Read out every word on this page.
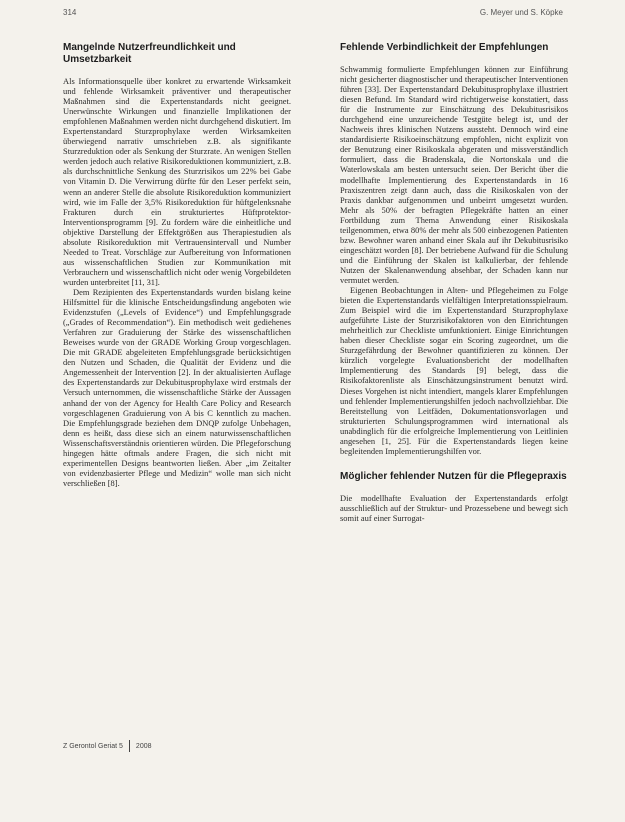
314	G. Meyer und S. Köpke
Mangelnde Nutzerfreundlichkeit und Umsetzbarkeit

Als Informationsquelle über konkret zu erwartende Wirksamkeit und fehlende Wirksamkeit präventiver und therapeutischer Maßnahmen sind die Expertenstandards nicht geeignet. Unerwünschte Wirkungen und finanzielle Implikationen der empfohlenen Maßnahmen werden nicht durchgehend diskutiert. Im Expertenstandard Sturzprophylaxe werden Wirksamkeiten überwiegend narrativ umschrieben z.B. als signifikante Sturzreduktion oder als Senkung der Sturzrate. An wenigen Stellen werden jedoch auch relative Risikoreduktionen kommuniziert, z.B. als durchschnittliche Senkung des Sturzrisikos um 22% bei Gabe von Vitamin D. Die Verwirrung dürfte für den Leser perfekt sein, wenn an anderer Stelle die absolute Risikoreduktion kommuniziert wird, wie im Falle der 3,5% Risikoreduktion für hüftgelenksnahe Frakturen durch ein strukturiertes Hüftprotektor-Interventionsprogramm [9]. Zu fordern wäre die einheitliche und objektive Darstellung der Effektgrößen aus Therapiestudien als absolute Risikoreduktion mit Vertrauensintervall und Number Needed to Treat. Vorschläge zur Aufbereitung von Informationen aus wissenschaftlichen Studien zur Kommunikation mit Verbrauchern und wissenschaftlich nicht oder wenig Vorgebildeten wurden unterbreitet [11, 31].

Dem Rezipienten des Expertenstandards wurden bislang keine Hilfsmittel für die klinische Entscheidungsfindung angeboten wie Evidenzstufen („Levels of Evidence“) und Empfehlungsgrade („Grades of Recommendation“). Ein methodisch weit gediehenes Verfahren zur Graduierung der Stärke des wissenschaftlichen Beweises wurde von der GRADE Working Group vorgeschlagen. Die mit GRADE abgeleiteten Empfehlungsgrade berücksichtigen den Nutzen und Schaden, die Qualität der Evidenz und die Angemessenheit der Intervention [2]. In der aktualisierten Auflage des Expertenstandards zur Dekubitusprophylaxe wird erstmals der Versuch unternommen, die wissenschaftliche Stärke der Aussagen anhand der von der Agency for Health Care Policy and Research vorgeschlagenen Graduierung von A bis C kenntlich zu machen. Die Empfehlungsgrade beziehen dem DNQP zufolge Unbehagen, denn es heißt, dass diese sich an einem naturwissenschaftlichen Wissenschaftsverständnis orientieren würden. Die Pflegeforschung hingegen hätte oftmals andere Fragen, die sich nicht mit experimentellen Designs beantworten ließen. Aber „im Zeitalter von evidenzbasierter Pflege und Medizin“ wolle man sich nicht verschließen [8].

Fehlende Verbindlichkeit der Empfehlungen

Schwammig formulierte Empfehlungen können zur Einführung nicht gesicherter diagnostischer und therapeutischer Interventionen führen [33]. Der Expertenstandard Dekubitusprophylaxe illustriert diesen Befund. Im Standard wird richtigerweise konstatiert, dass für die Instrumente zur Einschätzung des Dekubitusrisikos durchgehend eine unzureichende Testgüte belegt ist, und der Nachweis ihres klinischen Nutzens aussteht. Dennoch wird eine standardisierte Risikoeinschätzung empfohlen, nicht explizit von der Benutzung einer Risikoskala abgeraten und missverständlich formuliert, dass die Bradenskala, die Nortonskala und die Waterlowskala am besten untersucht seien. Der Bericht über die modellhafte Implementierung des Expertenstandards in 16 Praxiszentren zeigt dann auch, dass die Risikoskalen von der Praxis dankbar aufgenommen und unbeirrt umgesetzt wurden. Mehr als 50% der befragten Pflegekräfte hatten an einer Fortbildung zum Thema Anwendung einer Risikoskala teilgenommen, etwa 80% der mehr als 500 einbezogenen Patienten bzw. Bewohner waren anhand einer Skala auf ihr Dekubitusrisiko eingeschätzt worden [8]. Der betriebene Aufwand für die Schulung und die Einführung der Skalen ist kalkulierbar, der fehlende Nutzen der Skalenanwendung absehbar, der Schaden kann nur vermutet werden.

Eigenen Beobachtungen in Alten- und Pflegeheimen zu Folge bieten die Expertenstandards vielfältigen Interpretationsspielraum. Zum Beispiel wird die im Expertenstandard Sturzprophylaxe aufgeführte Liste der Sturzrisikofaktoren von den Einrichtungen mehrheitlich zur Checkliste umfunktioniert. Einige Einrichtungen haben dieser Checkliste sogar ein Scoring zugeordnet, um die Sturzgefährdung der Bewohner quantifizieren zu können. Der kürzlich vorgelegte Evaluationsbericht der modellhaften Implementierung des Standards [9] belegt, dass die Risikofaktorenliste als Einschätzungsinstrument benutzt wird. Dieses Vorgehen ist nicht intendiert, mangels klarer Empfehlungen und fehlender Implementierungshilfen jedoch nachvollziehbar. Die Bereitstellung von Leitfäden, Dokumentationsvorlagen und strukturierten Schulungsprogrammen wird international als unabdinglich für die erfolgreiche Implementierung von Leitlinien angesehen [1, 25]. Für die Expertenstandards liegen keine begleitenden Implementierungshilfen vor.

Möglicher fehlender Nutzen für die Pflegepraxis

Die modellhafte Evaluation der Expertenstandards erfolgt ausschließlich auf der Struktur- und Prozessebene und bewegt sich somit auf einer Surrogat-

Z Gerontol Geriat 5 2008
